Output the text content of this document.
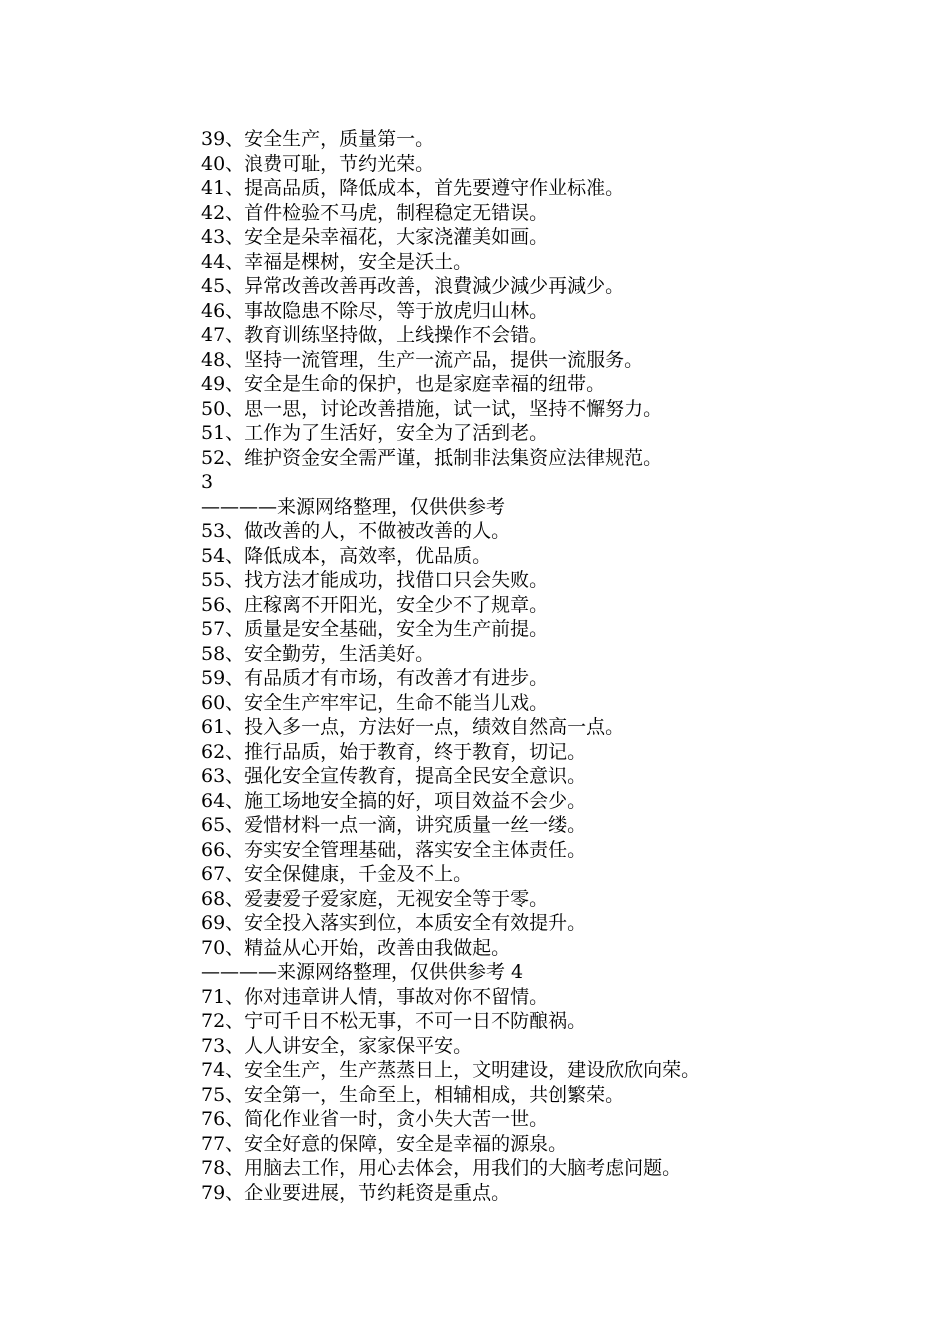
39、安全生产，质量第一。
40、浪费可耻，节约光荣。
41、提高品质，降低成本，首先要遵守作业标准。
42、首件检验不马虎，制程稳定无错误。
43、安全是朵幸福花，大家浇灌美如画。
44、幸福是棵树，安全是沃土。
45、异常改善改善再改善，浪費減少減少再減少。
46、事故隐患不除尽，等于放虎归山林。
47、教育训练坚持做，上线操作不会错。
48、坚持一流管理，生产一流产品，提供一流服务。
49、安全是生命的保护，也是家庭幸福的纽带。
50、思一思，讨论改善措施，试一试，坚持不懈努力。
51、工作为了生活好，安全为了活到老。
52、维护资金安全需严谨，抵制非法集资应法律规范。
3
————来源网络整理，仅供供参考
53、做改善的人，不做被改善的人。
54、降低成本，高效率，优品质。
55、找方法才能成功，找借口只会失败。
56、庄稼离不开阳光，安全少不了规章。
57、质量是安全基础，安全为生产前提。
58、安全勤劳，生活美好。
59、有品质才有市场，有改善才有进步。
60、安全生产牢牢记，生命不能当儿戏。
61、投入多一点，方法好一点，绩效自然高一点。
62、推行品质，始于教育，终于教育，切记。
63、强化安全宣传教育，提高全民安全意识。
64、施工场地安全搞的好，项目效益不会少。
65、爱惜材料一点一滴，讲究质量一丝一缕。
66、夯实安全管理基础，落实安全主体责任。
67、安全保健康，千金及不上。
68、爱妻爱子爱家庭，无视安全等于零。
69、安全投入落实到位，本质安全有效提升。
70、精益从心开始，改善由我做起。
————来源网络整理，仅供供参考 4
71、你对违章讲人情，事故对你不留情。
72、宁可千日不松无事，不可一日不防酿祸。
73、人人讲安全，家家保平安。
74、安全生产，生产蒸蒸日上，文明建设，建设欣欣向荣。
75、安全第一，生命至上，相辅相成，共创繁荣。
76、简化作业省一时，贪小失大苦一世。
77、安全好意的保障，安全是幸福的源泉。
78、用脑去工作，用心去体会，用我们的大脑考虑问题。
79、企业要进展，节约耗资是重点。
